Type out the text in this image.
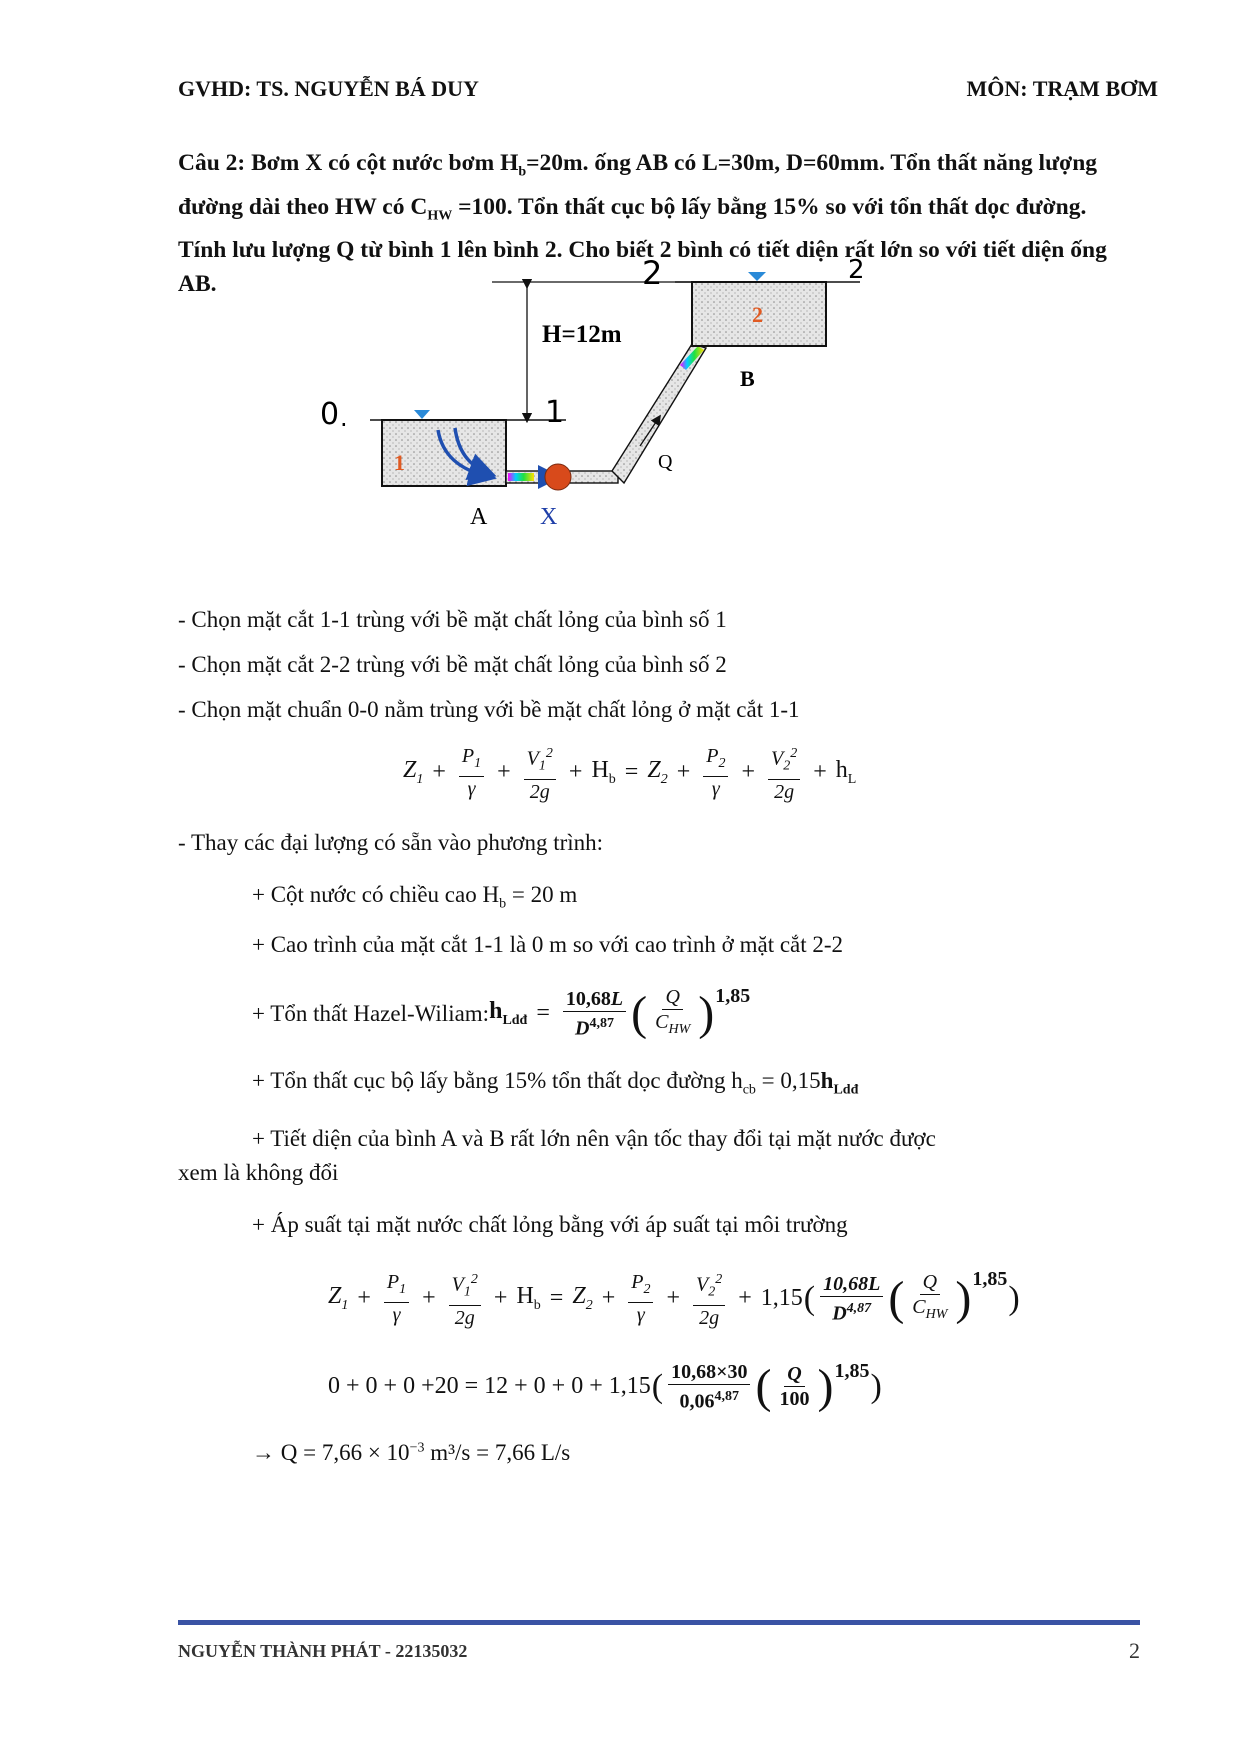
GVHD: TS. NGUYỄN BÁ DUY	MÔN: TRẠM BƠM
Câu 2: Bơm X có cột nước bơm $H_b=20m$. ống AB có L=30m, D=60mm. Tổn thất năng lượng đường dài theo HW có $C_{HW} =100$. Tổn thất cục bộ lấy bằng 15% so với tổn thất dọc đường. Tính lưu lượng Q từ bình 1 lên bình 2. Cho biết 2 bình có tiết diện rất lớn so với tiết diện ống AB.
H=12m
0 .	1
1	Q
2	2
2
B
A X
- Chọn mặt cắt 1-1 trùng với bề mặt chất lỏng của bình số 1
- Chọn mặt cắt 2-2 trùng với bề mặt chất lỏng của bình số 2
- Chọn mặt chuẩn 0-0 nằm trùng với bề mặt chất lỏng ở mặt cắt 1-1
$Z_1 + \frac{P_1}{\gamma} + \frac{V_1^2}{2g} + H_b = Z_2 + \frac{P_2}{\gamma} + \frac{V_2^2}{2g} + h_L$
- Thay các đại lượng có sẵn vào phương trình:
+ Cột nước có chiều cao $H_b = 20$ m
+ Cao trình của mặt cắt 1-1 là 0 m so với cao trình ở mặt cắt 2-2
+ Tổn thất Hazel-Wiliam: $h_{Ldđ} = \frac{10,68L}{D^{4,87}}$ ( $\frac{Q}{C_{HW}} )^{1,85}$
+ Tổn thất cục bộ lấy bằng 15% tổn thất dọc đường $h_{cb} = 0,15h_{Ldđ}$
+ Tiết diện của bình A và B rất lớn nên vận tốc thay đổi tại mặt nước được
xem là không đổi
+ Áp suất tại mặt nước chất lỏng bằng với áp suất tại môi trường
$Z_1 + \frac{P_1}{\gamma} + \frac{V_1^2}{2g} + H_b = Z_2 + \frac{P_2}{\gamma} + \frac{V_2^2}{2g} + 1,15$ ( $\frac{10,68L}{D^{4,87}}$ ( $\frac{Q}{C_{HW}} )^{1,85}$
)
0 + 0 + 0 +20 = 12 + 0 + 0 + 1,15 ( $\frac{10,68\times 30}{0,06^{4,87}}$ ( $\frac{Q}{100} )^{1,85}$ )
→ $Q = 7,66 \times 10^{-3}$ m³/s = 7,66 L/s
NGUYỄN THÀNH PHÁT - 22135032	2
